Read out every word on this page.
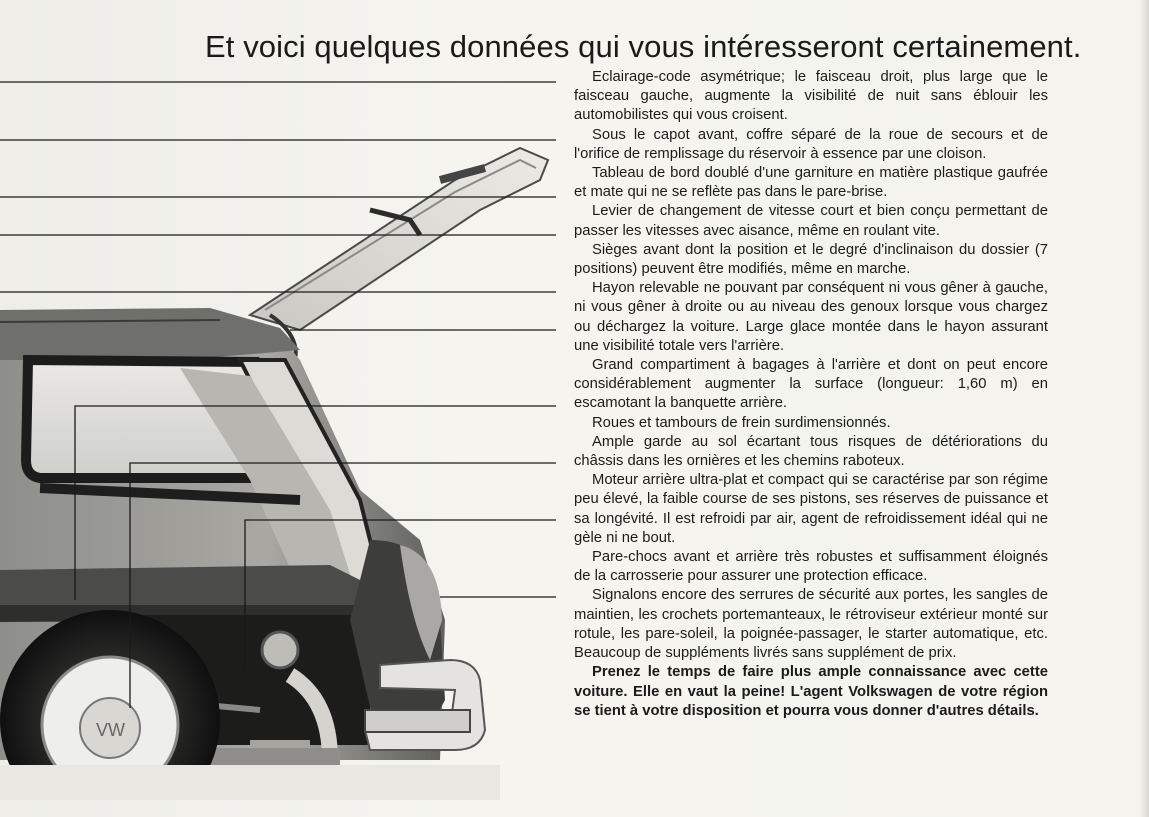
Et voici quelques données qui vous intéresseront certainement.
VW

Eclairage-code asymétrique; le faisceau droit, plus large que le faisceau gauche, augmente la visibilité de nuit sans éblouir les automobilistes qui vous croisent.

Sous le capot avant, coffre séparé de la roue de secours et de l'orifice de remplissage du réservoir à essence par une cloison.

Tableau de bord doublé d'une garniture en matière plastique gaufrée et mate qui ne se reflète pas dans le pare-brise.

Levier de changement de vitesse court et bien conçu permettant de passer les vitesses avec aisance, même en roulant vite.

Sièges avant dont la position et le degré d'inclinaison du dossier (7 positions) peuvent être modifiés, même en marche.

Hayon relevable ne pouvant par conséquent ni vous gêner à gauche, ni vous gêner à droite ou au niveau des genoux lorsque vous chargez ou déchargez la voiture. Large glace montée dans le hayon assurant une visibilité totale vers l'arrière.

Grand compartiment à bagages à l'arrière et dont on peut encore considérablement augmenter la surface (longueur: 1,60 m) en escamotant la banquette arrière.

Roues et tambours de frein surdimensionnés.

Ample garde au sol écartant tous risques de détériorations du châssis dans les ornières et les chemins raboteux.

Moteur arrière ultra-plat et compact qui se caractérise par son régime peu élevé, la faible course de ses pistons, ses réserves de puissance et sa longévité. Il est refroidi par air, agent de refroidissement idéal qui ne gèle ni ne bout.

Pare-chocs avant et arrière très robustes et suffisamment éloignés de la carrosserie pour assurer une protection efficace.

Signalons encore des serrures de sécurité aux portes, les sangles de maintien, les crochets portemanteaux, le rétroviseur extérieur monté sur rotule, les pare-soleil, la poignée-passager, le starter automatique, etc. Beaucoup de suppléments livrés sans supplément de prix.

Prenez le temps de faire plus ample connaissance avec cette voiture. Elle en vaut la peine! L'agent Volkswagen de votre région se tient à votre disposition et pourra vous donner d'autres détails.
